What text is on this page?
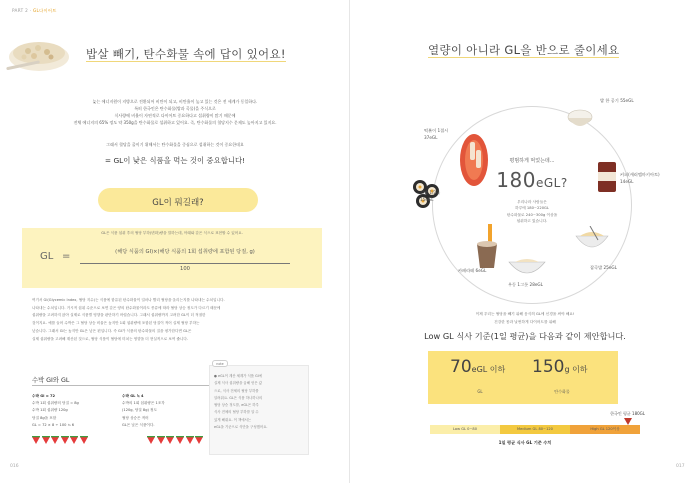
PART 2 · GL다이어트
밥살 빼기, 탄수화물 속에 답이 있어요!
늦는 에너지원이 지방으로 전환되어 비만이 되고, 비만율이 높고 있는 것은 전 세계가 동일하다.
특히 한국인은 탄수화물(밥과 곡물)을 주식으로
식사량에 비율이 자연적로 다이어트 중요하다고 섭취량이 많기 때문에
전체 에너지의 65% 정도 약 350g을 탄수화물로 섭취하고 있어요. 즉, 탄수화물의 혈당지수 문제도 높아지고 있지요.
그래서 혈당을 줄이기 위해서는 탄수화물을 중심으로 섭취하는 것이 중요한데요
= GL이 낮은 식품을 먹는 것이 중요합니다!
GL이 뭐길래?
GL은 식품 섭취 후의 혈당 부하(변화)량을 말하는데, 아래와 같은 식으로 표현할 수 있어요.
GL =	(해당 식품의 GI)×(해당 식품의 1회 섭취량에 포함된 당질, g)
100
여기서 GI(Glycemic Index, 혈당 지수)는 식품에 함유된 탄수화물이 얼마나 빨리 혈당을 올리는지를 나타내는 수치입니다.
나타내는 수치입니다. 거시적 섭취 수준으로 보면 같은 양의 탄수화물이라도 종류에 따라 혈당 상승 정도가 다르기 때문에
섭취량을 고려하지 않아 실제로 식품별 영향을 판단하기 어렵습니다. 그래서 섭취량까지 고려한 GL이 더 적절한
것이지요. 예를 들어 수박은 그 혈당 상승 비율은 높지만 1회 섭취량에 포함된 당질이 적어 실제 혈당 부하는
낮습니다. 그래서 GI는 높지만 GL은 낮은 편입니다. 즉 GI가 식품의 탄수화물의 질을 평가한다면 GL은
실제 섭취량을 고려해 계산된 것으로, 혈당 식품이 혈당에 미치는 영향을 더 현실적으로 보여 줍니다.
수박 GI와 GL
수박 GI = 72
수박 1회 섭취량의 당질 = 8g
수박 1회 섭취량 120g
당질 8g을 포함
GL = 72 × 8 ÷ 100 ≒ 6
수박 GL ≒ 4
수박의 1회 섭취량은 1조각
(120g, 당질 8g) 정도
혈당 상승은 적어
GL은 낮은 식품이다.
note
● eGL이 계산 체계가 식품 GI에
실제 식사 섭취량을 곱해 얻은 값
으로, 식사 전체의 혈당 부하를
알려줘요. GL은 식품 하나하나의
혈당 상승 정도를, eGL은 하루
식사 전체의 혈당 부하를 알 수
있게 해줘요. 이 책에서는
eGL을 기준으로 식단을 구성했어요.
016
열량이 아니라 GL을 반으로 줄이세요
평범하게 먹었는데...
180eGL?
우리나라 사람들은
하루에 180~220GL
탄수화물로 240~300g 이상을
섭취하고 있습니다.
떡볶이 1접시
37eGL
김밥 1/2줄
15eGL
카페라떼 6eGL
우동 1그릇 28eGL
잡곡밥 25eGL
커피(캐러멜마키아토)
14eGL
밥 한 공기 55eGL
이제 우리는 혈당을 빼기 위해 음식의 GL에 신경을 써야 해요!
건강한 몸과 날씬하게 다이어트를 위해
Low GL 식사 기준(1일 평균)을 다음과 같이 제안합니다.
70eGL 이하
GL
150g 이하
탄수화물
한국인 평균 180GL
Low GL 0~80	Medium GL 80~120	High GL 120이상
1일 평균 식사 GL 기준 수치
017
